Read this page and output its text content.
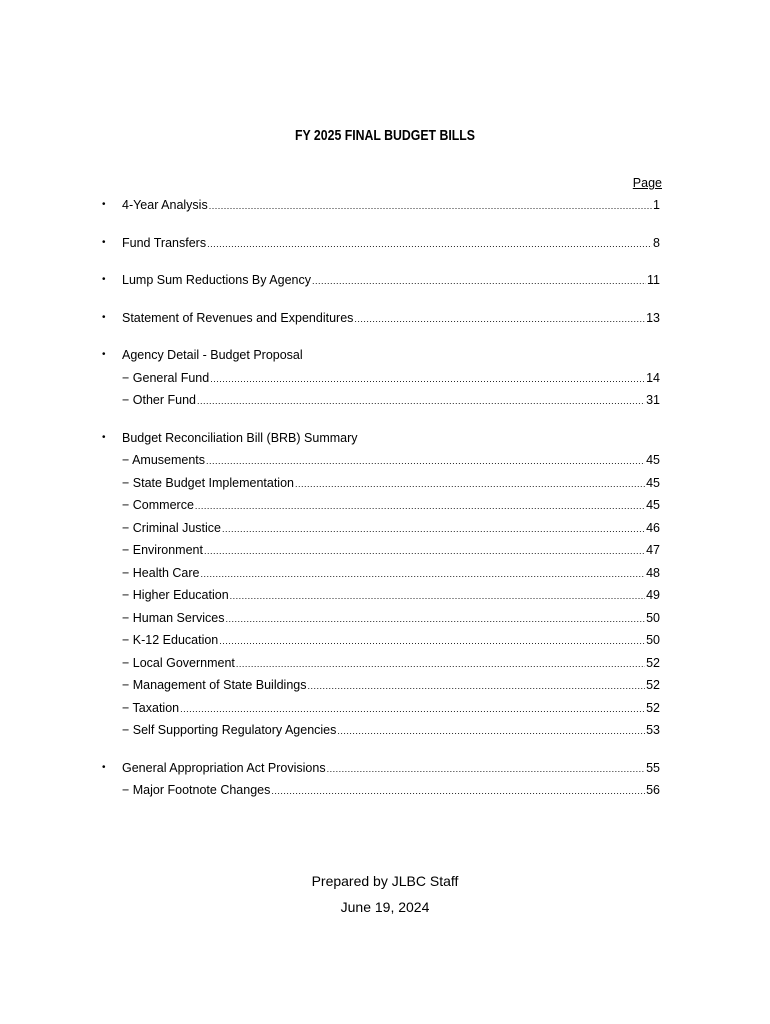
FY 2025 FINAL BUDGET BILLS
Page
•	4-Year Analysis .....	1
•	Fund Transfers .....	8
•	Lump Sum Reductions By Agency .....	11
•	Statement of Revenues and Expenditures .....	13
•	Agency Detail - Budget Proposal
− General Fund .....	14
− Other Fund .....	31
•	Budget Reconciliation Bill (BRB) Summary
− Amusements .....	45
− State Budget Implementation .....	45
− Commerce .....	45
− Criminal Justice .....	46
− Environment .....	47
− Health Care .....	48
− Higher Education .....	49
− Human Services .....	50
− K-12 Education .....	50
− Local Government .....	52
− Management of State Buildings .....	52
− Taxation .....	52
− Self Supporting Regulatory Agencies .....	53
•	General Appropriation Act Provisions .....	55
− Major Footnote Changes .....	56
Prepared by JLBC Staff
June 19, 2024
